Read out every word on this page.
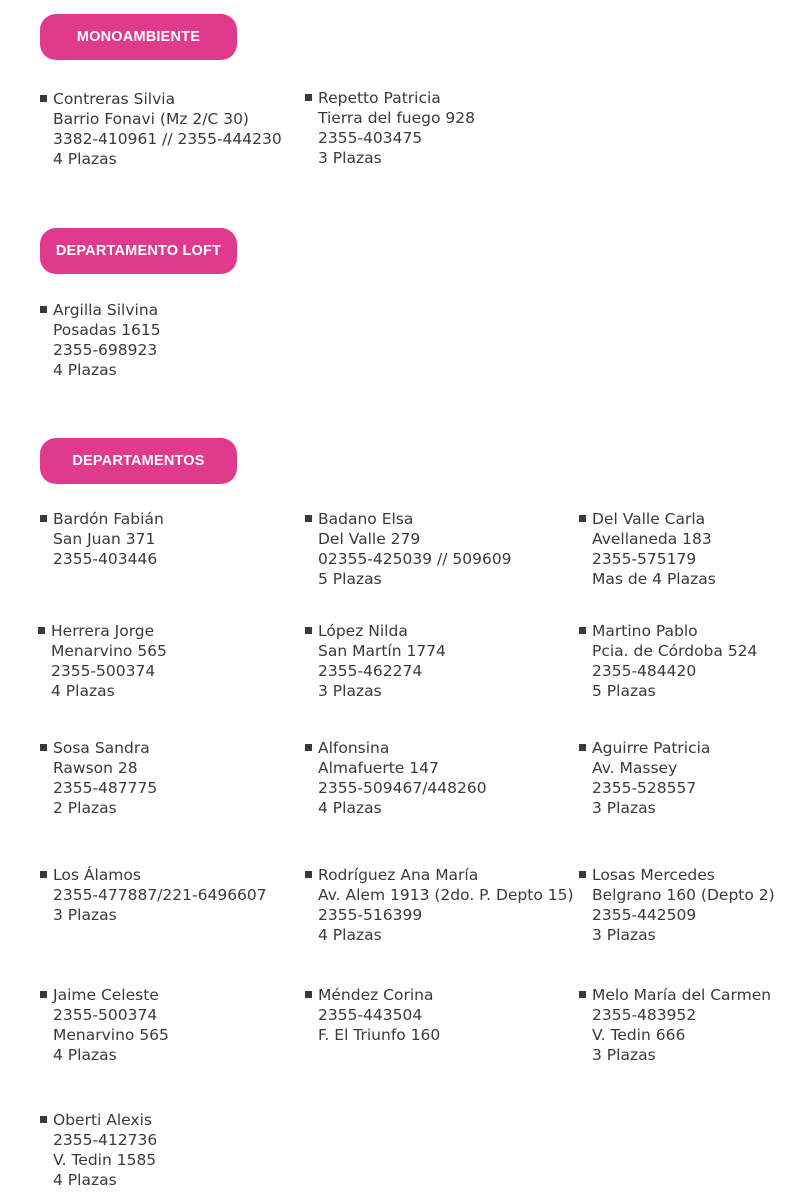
MONOAMBIENTE
DEPARTAMENTO LOFT
DEPARTAMENTOS
Contreras Silvia
Barrio Fonavi (Mz 2/C 30)
3382-410961 // 2355-444230
4 Plazas
Repetto Patricia
Tierra del fuego 928
2355-403475
3 Plazas
Argilla Silvina
Posadas 1615
2355-698923
4 Plazas
Bardón Fabián
San Juan 371
2355-403446
Badano Elsa
Del Valle 279
02355-425039 // 509609
5 Plazas
Del Valle Carla
Avellaneda 183
2355-575179
Mas de 4 Plazas
Herrera Jorge
Menarvino 565
2355-500374
4 Plazas
López Nilda
San Martín 1774
2355-462274
3 Plazas
Martino Pablo
Pcia. de Córdoba 524
2355-484420
5 Plazas
Sosa Sandra
Rawson 28
2355-487775
2 Plazas
Alfonsina
Almafuerte 147
2355-509467/448260
4 Plazas
Aguirre Patricia
Av. Massey
2355-528557
3 Plazas
Los Álamos
2355-477887/221-6496607
3 Plazas
Rodríguez Ana María
Av. Alem 1913 (2do. P. Depto 15)
2355-516399
4 Plazas
Losas Mercedes
Belgrano 160 (Depto 2)
2355-442509
3 Plazas
Jaime Celeste
2355-500374
Menarvino 565
4 Plazas
Méndez Corina
2355-443504
F. El Triunfo 160
Melo María del Carmen
2355-483952
V. Tedin 666
3 Plazas
Oberti Alexis
2355-412736
V. Tedin 1585
4 Plazas
